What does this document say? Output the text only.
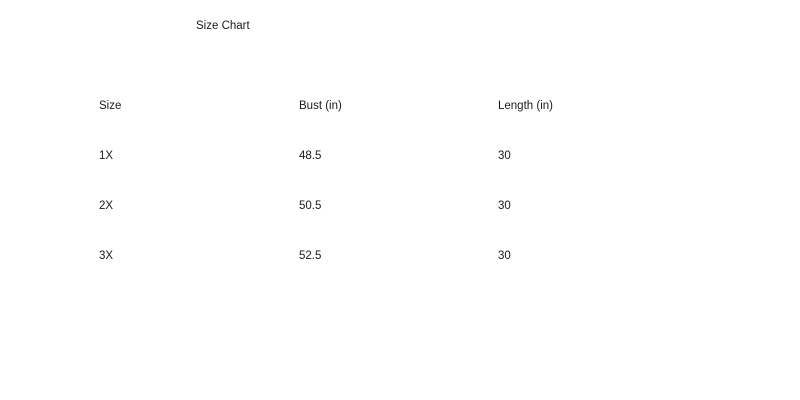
Size Chart
Size	Bust (in)	Length (in)
1X	48.5	30
2X	50.5	30
3X	52.5	30
